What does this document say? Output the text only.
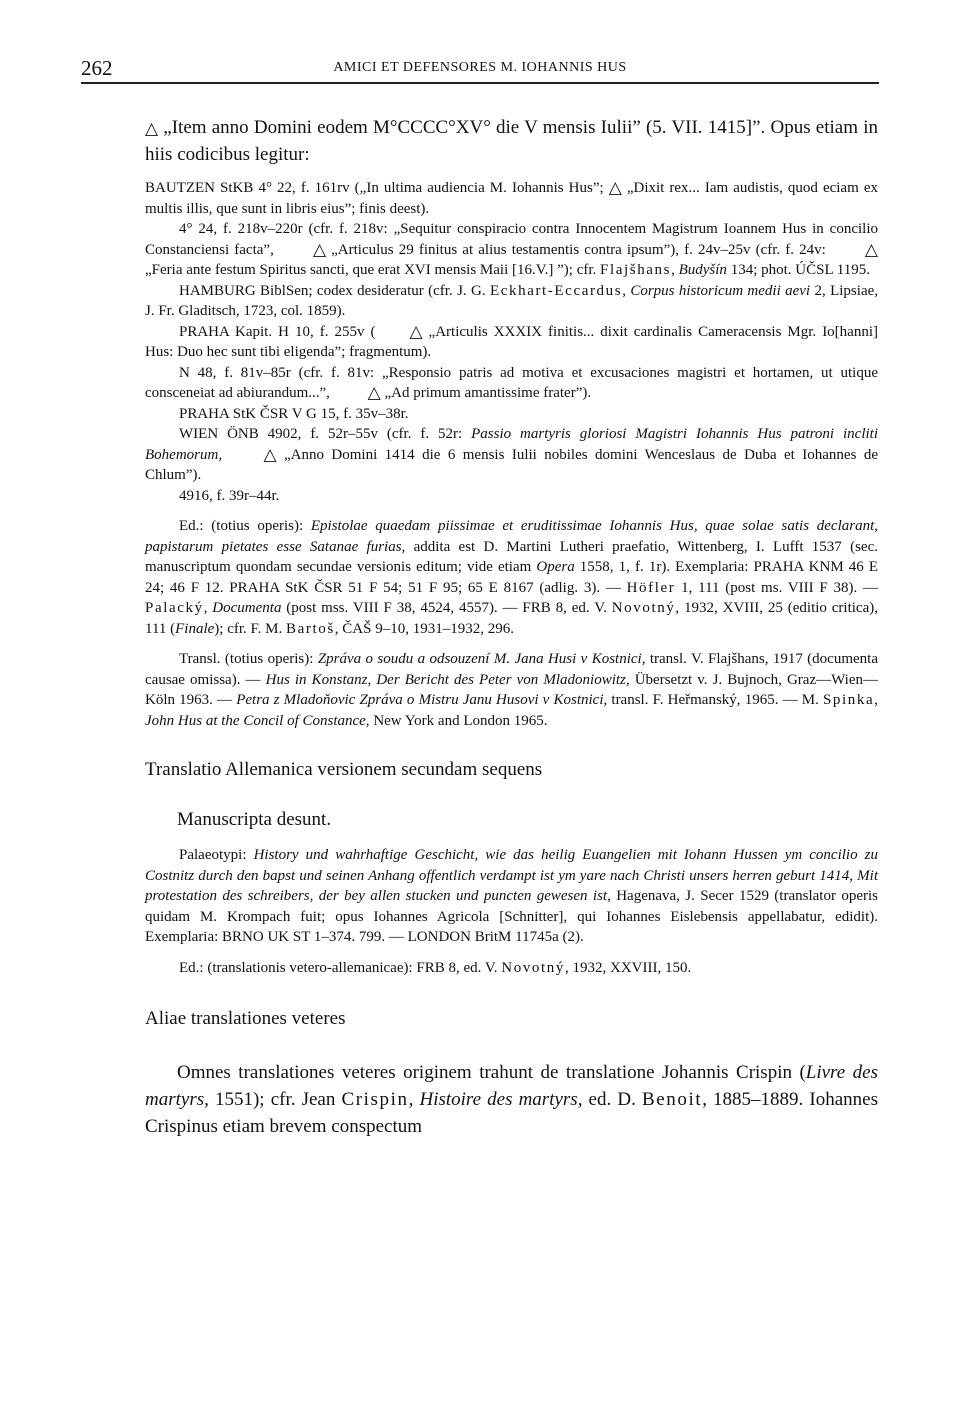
262	AMICI ET DEFENSORES M. IOHANNIS HUS

△ „Item anno Domini eodem M°CCCC°XV° die V mensis Iulii” (5. VII. 1415]”. Opus etiam in hiis codicibus legitur:

BAUTZEN StKB 4° 22, f. 161rv („In ultima audiencia M. Iohannis Hus”; △ „Dixit rex... Iam audistis, quod eciam ex multis illis, que sunt in libris eius”; finis deest).

4° 24, f. 218v–220r (cfr. f. 218v: „Sequitur conspiracio contra Innocentem Magistrum Ioannem Hus in concilio Constanciensi facta”, △ „Articulus 29 finitus at alius testamentis contra ipsum”), f. 24v–25v (cfr. f. 24v: △ „Feria ante festum Spiritus sancti, que erat XVI mensis Maii [16.V.] ”); cfr. Flajšhans, Budyšín 134; phot. ÚČSL 1195.

HAMBURG BiblSen; codex desideratur (cfr. J. G. Eckhart-Eccardus, Corpus historicum medii aevi 2, Lipsiae, J. Fr. Gladitsch, 1723, col. 1859).

PRAHA Kapit. H 10, f. 255v ( △ „Articulis XXXIX finitis... dixit cardinalis Cameracensis Mgr. Io[hanni] Hus: Duo hec sunt tibi eligenda”; fragmentum).

N 48, f. 81v–85r (cfr. f. 81v: „Responsio patris ad motiva et excusaciones magistri et hortamen, ut utique consceneiat ad abiurandum...”, △ „Ad primum amantissime frater”).

PRAHA StK ČSR V G 15, f. 35v–38r.

WIEN ÖNB 4902, f. 52r–55v (cfr. f. 52r: Passio martyris gloriosi Magistri Iohannis Hus patroni incliti Bohemorum, △ „Anno Domini 1414 die 6 mensis Iulii nobiles domini Wenceslaus de Duba et Iohannes de Chlum”).

4916, f. 39r–44r.

Ed.: (totius operis): Epistolae quaedam piissimae et eruditissimae Iohannis Hus, quae solae satis declarant, papistarum pietates esse Satanae furias, addita est D. Martini Lutheri praefatio, Wittenberg, I. Lufft 1537 (sec. manuscriptum quondam secundae versionis editum; vide etiam Opera 1558, 1, f. 1r). Exemplaria: PRAHA KNM 46 E 24; 46 F 12. PRAHA StK ČSR 51 F 54; 51 F 95; 65 E 8167 (adlig. 3). — Höfler 1, 111 (post ms. VIII F 38). — Palacký, Documenta (post mss. VIII F 38, 4524, 4557). — FRB 8, ed. V. Novotný, 1932, XVIII, 25 (editio critica), 111 (Finale); cfr. F. M. Bartoš, ČAŠ 9–10, 1931–1932, 296.

Transl. (totius operis): Zpráva o soudu a odsouzení M. Jana Husi v Kostnici, transl. V. Flajšhans, 1917 (documenta causae omissa). — Hus in Konstanz, Der Bericht des Peter von Mladoniowitz, Übersetzt v. J. Bujnoch, Graz—Wien—Köln 1963. — Petra z Mladoňovic Zpráva o Mistru Janu Husovi v Kostnici, transl. F. Heřmanský, 1965. — M. Spinka, John Hus at the Concil of Constance, New York and London 1965.

Translatio Allemanica versionem secundam sequens

Manuscripta desunt.

Palaeotypi: History und wahrhaftige Geschicht, wie das heilig Euangelien mit Iohann Hussen ym concilio zu Costnitz durch den bapst und seinen Anhang offentlich verdampt ist ym yare nach Christi unsers herren geburt 1414, Mit protestation des schreibers, der bey allen stucken und puncten gewesen ist, Hagenava, J. Secer 1529 (translator operis quidam M. Krompach fuit; opus Iohannes Agricola [Schnitter], qui Iohannes Eislebensis appellabatur, edidit). Exemplaria: BRNO UK ST 1–374. 799. — LONDON BritM 11745a (2).

Ed.: (translationis vetero-allemanicae): FRB 8, ed. V. Novotný, 1932, XXVIII, 150.

Aliae translationes veteres

Omnes translationes veteres originem trahunt de translatione Johannis Crispin (Livre des martyrs, 1551); cfr. Jean Crispin, Histoire des martyrs, ed. D. Benoit, 1885–1889. Iohannes Crispinus etiam brevem conspectum
